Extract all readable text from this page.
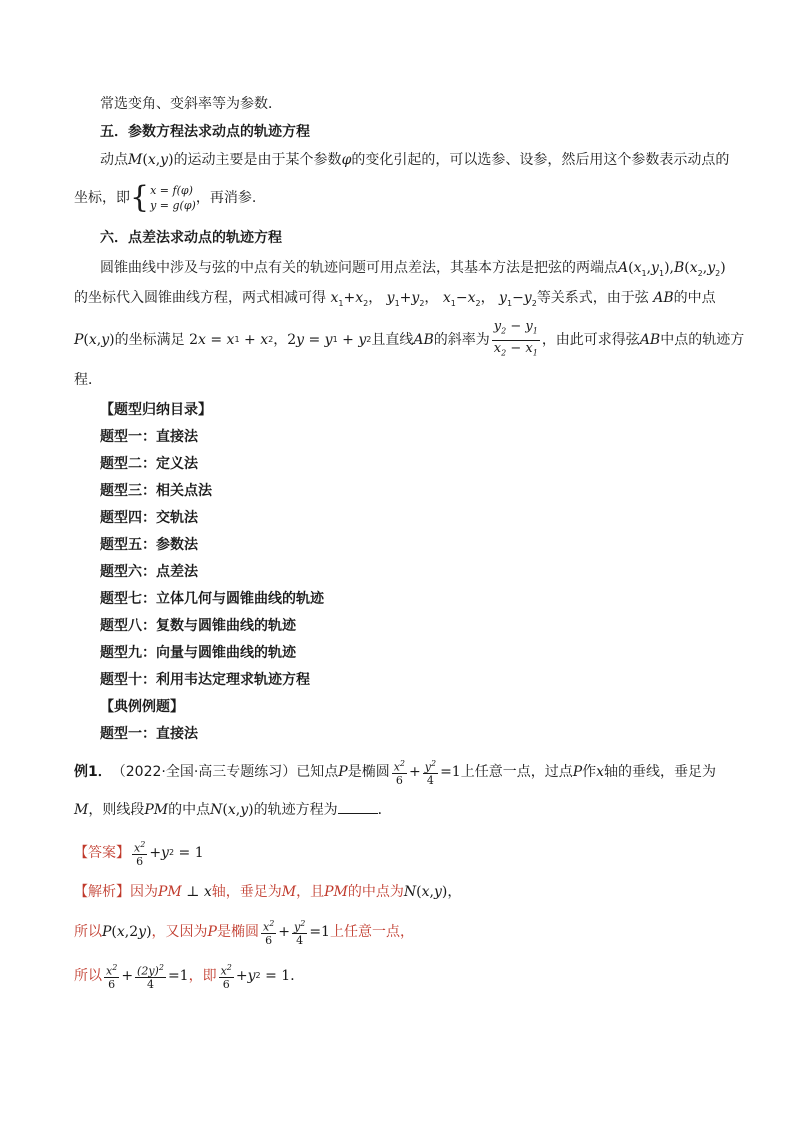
常选变角、变斜率等为参数．
五．参数方程法求动点的轨迹方程
动点M(x,y)的运动主要是由于某个参数φ的变化引起的，可以选参、设参，然后用这个参数表示动点的
坐标，即 { x = f(φ)
y = g(φ) ，再消参.
六．点差法求动点的轨迹方程
圆锥曲线中涉及与弦的中点有关的轨迹问题可用点差法，其基本方法是把弦的两端点$A(x_1,y_1),B(x_2,y_2)$
的坐标代入圆锥曲线方程，两式相减可得 $x_1+x_2$， $y_1+y_2$， $x_1-x_2$， $y_1-y_2$等关系式，由于弦 AB的中点
P ( x , y ) 的坐标满足 2 x = x 1 + x 2 ， 2 y = y 1 + y 2 且直线 AB 的斜率为 $\frac{y_2 - y_1}{x_2 - x_1}$ ，由此可求得弦 AB 中点的轨迹方
程．
【题型归纳目录】
题型一：直接法
题型二：定义法
题型三：相关点法
题型四：交轨法
题型五：参数法
题型六：点差法
题型七：立体几何与圆锥曲线的轨迹
题型八：复数与圆锥曲线的轨迹
题型九：向量与圆锥曲线的轨迹
题型十：利用韦达定理求轨迹方程
【典例例题】
题型一：直接法
例1． （2022·全国·高三专题练习）已知点 P 是椭圆 $\frac{x^2}{6} + \frac{y^2}{4} =1$ 上任意一点，过点 P 作 x 轴的垂线，垂足为
M，则线段PM的中点N(x,y)的轨迹方程为	．
【答案】 $\frac{x^2}{6} + y$ 2 = 1
【解析】因为PM ⊥ x轴，垂足为M，且PM的中点为N(x,y)，
所以 P ( x ,2 y ) ，又因为 P 是椭圆 $\frac{x^2}{6} + \frac{y^2}{4} =1$ 上任意一点，
所以 $\frac{x^2}{6} + \frac{(2y)^2}{4} =1$ ，即 $\frac{x^2}{6} + y$ 2 = 1 ．
